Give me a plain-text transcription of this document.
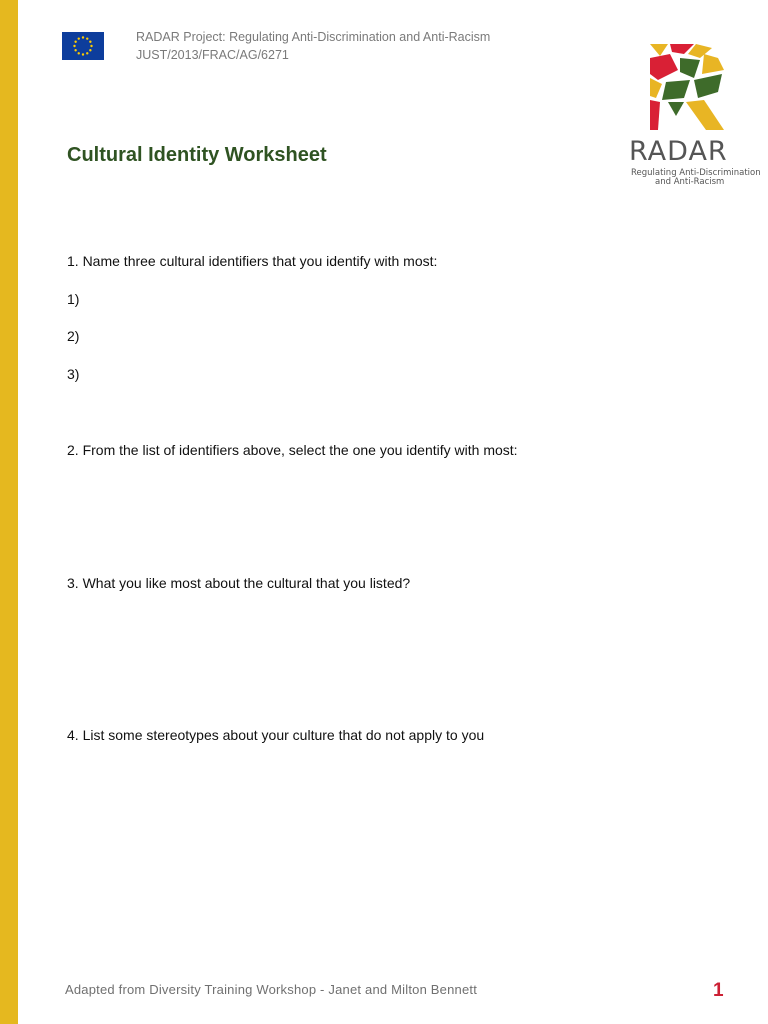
RADAR Project: Regulating Anti-Discrimination and Anti-Racism
JUST/2013/FRAC/AG/6271
RADAR
Regulating Anti-Discrimination
and Anti-Racism
Cultural Identity Worksheet
1. Name three cultural identifiers that you identify with most:
1)
2)
3)
2. From the list of identifiers above, select the one you identify with most:
3. What you like most about the cultural that you listed?
4. List some stereotypes about your culture that do not apply to you
Adapted from Diversity Training Workshop - Janet and Milton Bennett	1
